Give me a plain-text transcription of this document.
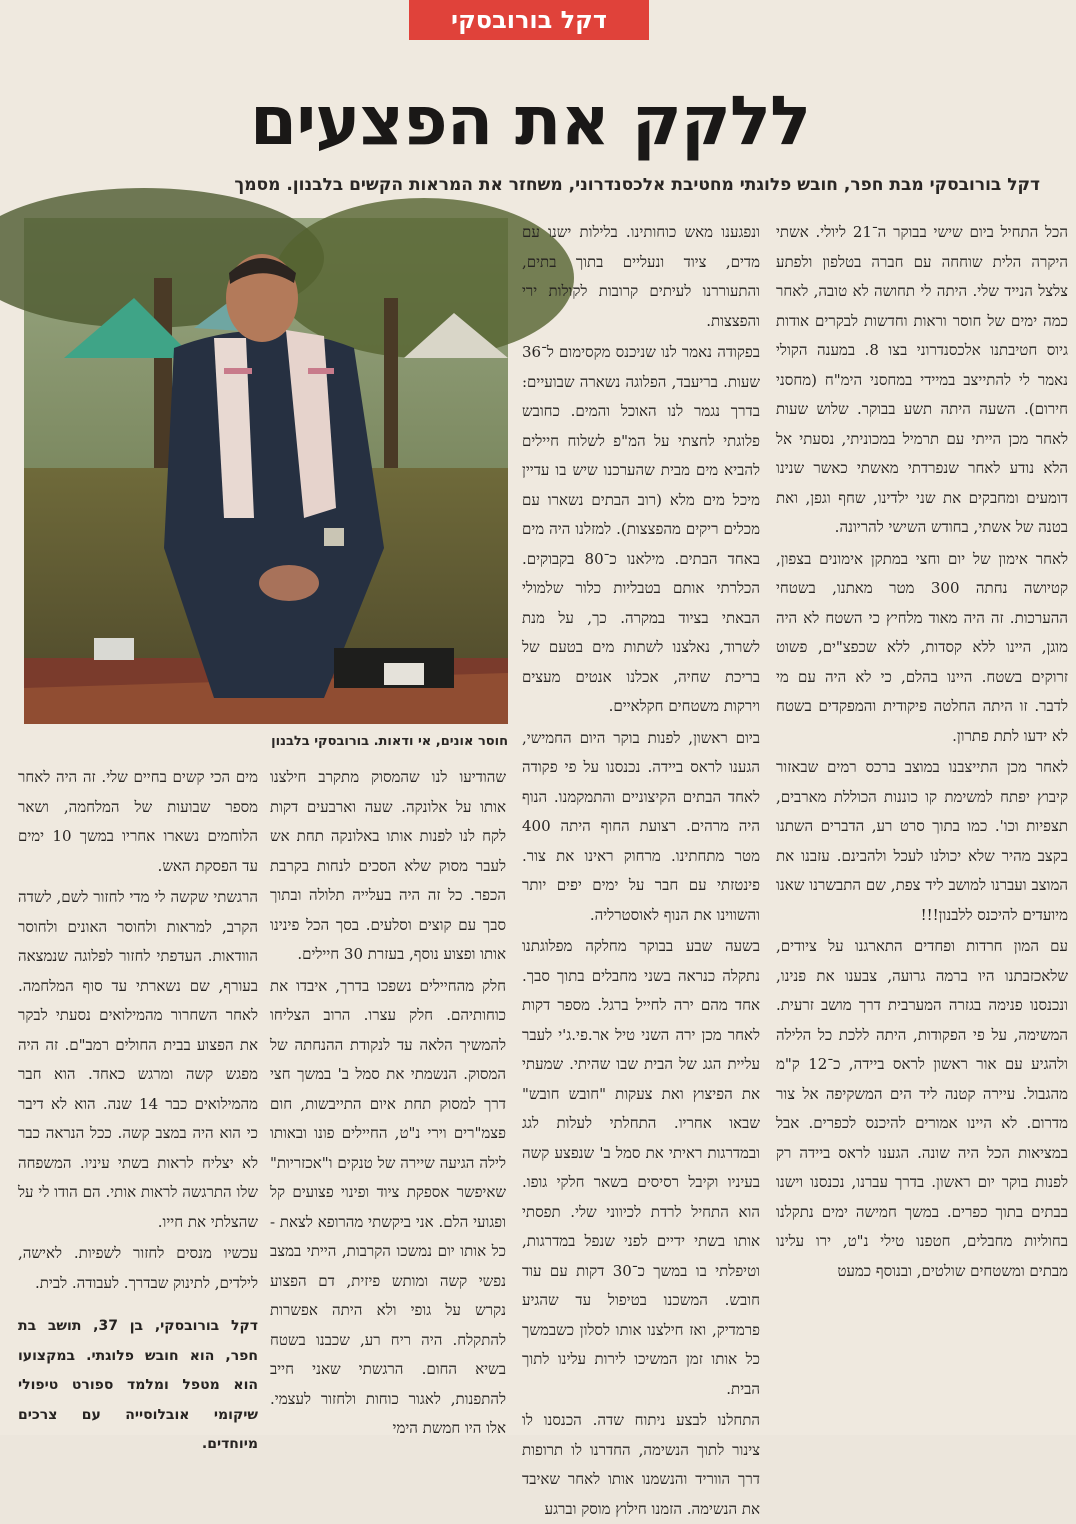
דקל בורובסקי
ללקק את הפצעים
דקל בורובסקי מבת חפר, חובש פלוגתי מחטיבת אלכסנדרוני, משחזר את המראות הקשים בלבנון. מסמך
חוסר אונים, אי ודאות. בורובסקי בלבנון

הכל התחיל ביום שישי בבוקר ה־21 ליולי. אשתי היקרה הלית שוחחה עם חברה בטלפון ולפתע צלצל הנייד שלי. היתה לי תחושה לא טובה, לאחר כמה ימים של חוסר וראות וחדשות לבקרים אודות גיוס חטיבתנו אלכסנדרוני בצו 8. במענה הקולי נאמר לי להתייצב במיידי במחסני הימ"ח (מחסני חירום). השעה היתה תשע בבוקר. שלוש שעות לאחר מכן הייתי עם תרמיל במכוניתי, נסעתי אל הלא נודע לאחר שנפרדתי מאשתי כאשר שנינו דומעים ומחבקים את שני ילדינו, שחף וגפן, ואת בטנה של אשתי, בחודש השישי להריונה.

לאחר אימון של יום וחצי במתקן אימונים בצפון, קטיושה נחתה 300 מטר מאתנו, בשטחי ההערכות. זה היה מאוד מלחיץ כי השטח לא היה מוגן, היינו ללא קסדות, ללא שכפצ"ים, פשוט זרוקים בשטח. היינו בהלם, כי לא היה עם מי לדבר. זו היתה החלטה פיקודית והמפקדים בשטח לא ידעו לתת פתרון.

לאחר מכן התייצבנו במוצב ברכס רמים שבאזור קיבוץ יפתח למשימת קו כוננות הכוללת מארבים, תצפיות וכו'. כמו בתוך סרט רע, הדברים השתנו בקצב מהיר שלא יכולנו לעכל ולהבינם. עזבנו את המוצב ועברנו למושב ליד צפת, שם התבשרנו שאנו מיועדים להיכנס ללבנון!!!

עם המון חרדות ופחדים התארגנו על ציודים, שלאכזבתנו היו ברמה גרועה, צבענו את פנינו, ונכנסנו פנימה בגזרה המערבית דרך מושב זרעית. המשימה, על פי הפקודות, היתה ללכת כל הלילה ולהגיע עם אור ראשון לראס ביידה, כ־12 ק"מ מהגבול. עיירה קטנה ליד הים המשקיפה אל צור מדרום. לא היינו אמורים להיכנס לכפרים. אבל במציאות הכל היה שונה. הגענו לראס ביידה רק לפנות בוקר יום ראשון. בדרך עברנו, נכנסנו וישנו בבתים בתוך כפרים. במשך חמישה ימים נתקלנו בחוליות מחבלים, חטפנו טילי נ"ט, ירו עלינו מבתים ומשטחים שולטים, ובנוסף כמעט

ונפגענו מאש כוחותינו. בלילות ישנו עם מדים, ציוד ונעליים בתוך בתים, והתעוררנו לעיתים קרובות לקולות ירי והפצצות.

בפקודה נאמר לנו שניכנס מקסימום ל־36 שעות. בריעבד, הפלוגה נשארה שבועיים: בדרך נגמר לנו האוכל והמים. כחובש פלוגתי לחצתי על המ"פ לשלוח חיילים להביא מים מבית שהערכנו שיש בו עדיין מיכל מים מלא (רוב הבתים נשארו עם מכלים ריקים מהפצצות). למזלנו היה מים באחד הבתים. מילאנו כ־80 בקבוקים. הכלרתי אותם בטבליות כלור שלמולי הבאתי בציוד במקרה. כך, על מנת לשרוד, נאלצנו לשתות מים בטעם של בריכת שחיה, אכלנו אנטים מעצים וירקות משטחים חקלאיים.

ביום ראשון, לפנות בוקר היום החמישי, הגענו לראס ביידה. נכנסנו על פי פקודה לאחד הבתים הקיצוניים והתמקמנו. הנוף היה מרהים. רצועת החוף היתה 400 מטר מתחתינו. מרחוק ראינו את צור. פינטזתי עם חבר על ימים יפים יותר והשווינו את הנוף לאוסטרליה.

בשעה שבע בבוקר מחלקה מפלוגתנו נתקלה כנראה בשני מחבלים בתוך סבך. אחד מהם ירה לחייל ברגל. מספר דקות לאחר מכן ירה השני טיל אר.פי.ג'י לעבר עליית הגג של הבית שבו שהיתי. שמעתי את הפיצוץ ואת צעקות "חובש חובש" שבאו אחריו. התחלתי לעלות לגג ובמדרגות ראיתי את סמל ב' שנפצע קשה בעיניו וקיבל רסיסים בשאר חלקי גופו. הוא התחיל לרדת לכיווני שלי. תפסתי אותו בשתי ידיים לפני שנפל במדרגות, וטיפלתי בו במשך כ־30 דקות עם עוד חובש. המשכנו בטיפול עד שהגיע פרמדיק, ואז חילצנו אותו לסלון כשבמשך כל אותו זמן המשיכו לירות עלינו לתוך הבית.

התחלנו לבצע ניתוח שדה. הכנסנו לו צינור לתוך הנשימה, החדרנו לו תרופות דרך הווריד והנשמנו אותו לאחר שאיבד את הנשימה. הזמנו חילוץ מוסק וברגע

שהודיעו לנו שהמסוק מתקרב חילצנו אותו על אלונקה. שעה וארבעים דקות לקח לנו לפנות אותו באלונקה תחת אש לעבר מסוק שלא הסכים לנחות בקרבת הכפר. כל זה היה בעלייה תלולה ובתוך סבך עם קוצים וסלעים. בסך הכל פינינו אותו ופצוע נוסף, בעזרת 30 חיילים.

חלק מהחיילים נשפכו בדרך, איבדו את כוחותיהם. חלק עצרו. הרוב הצליחו להמשיך הלאה עד לנקודת ההנחתה של המסוק. הנשמתי את סמל ב' במשך חצי דרך למסוק תחת איום התייבשות, חום פצמ"רים וירי נ"ט, החיילים פונו ובאותו לילה הגיעה שיירה של טנקים ו"אכזריות" שאיפשר אספקת ציוד ופינוי פצועים קל ופגועי הלם. אני ביקשתי מהרופא לצאת - כל אותו יום נמשכו הקרבות, הייתי במצב נפשי קשה ומותש פיזית, דם הפצוע נקרש על גופי ולא היתה אפשרות להתקלח. היה ריח רע, שכבנו בשטח בשיא החום. הרגשתי שאני חייב להתפנות, לאגור כוחות ולחזור לעצמי. אלו היו חמשת הימי

מים הכי קשים בחיים שלי. זה היה לאחר מספר שבועות של המלחמה, ושאר הלוחמים נשארו אחריו במשך 10 ימים עד הפסקת האש.

הרגשתי שקשה לי מדי לחזור לשם, לשדה הקרב, למראות ולחוסר האונים ולחוסר הוודאות. העדפתי לחזור לפלוגה שנמצאה בעורף, שם נשארתי עד סוף המלחמה. לאחר השחרור מהמילואים נסעתי לבקר את הפצוע בבית החולים רמב"ם. זה היה מפגש קשה ומרגש כאחד. הוא חבר מהמילואים כבר 14 שנה. הוא לא דיבר כי הוא היה במצב קשה. ככל הנראה כבר לא יצליח לראות בשתי עיניו. המשפחה שלו התרגשה לראות אותי. הם הודו לי על שהצלתי את חייו.

עכשיו מנסים לחזור לשפיות. לאישה, לילדים, לתינוק שבדרך. לעבודה. לבית.

דקל בורובסקי, בן 37, תושב בת חפר, הוא חובש פלוגתי. במקצועו הוא מטפל ומלמד ספורט טיפולי שיקומי אובלוסייה עם צרכים מיוחדים.
